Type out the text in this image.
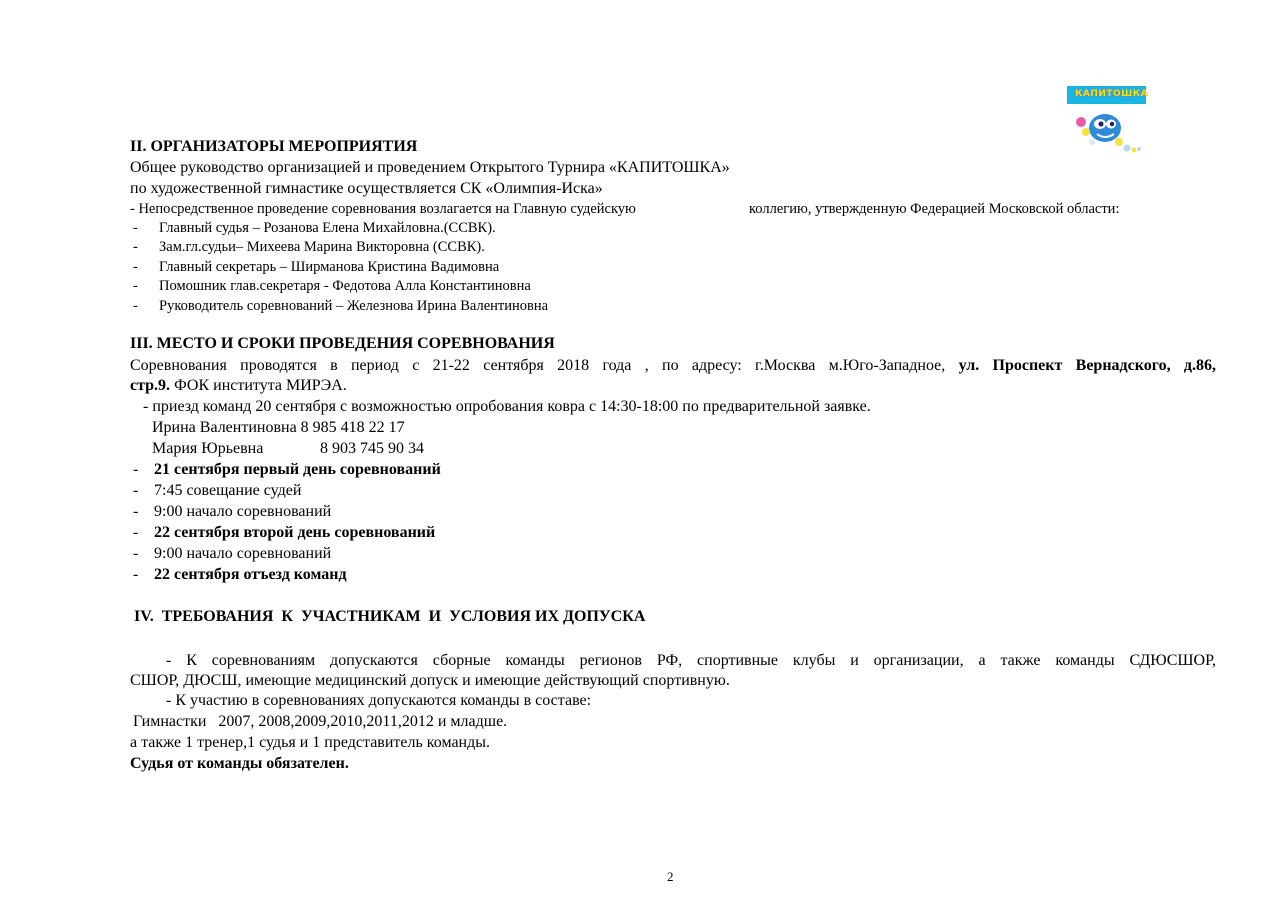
КАПИТОШКА
II. ОРГАНИЗАТОРЫ МЕРОПРИЯТИЯ
Общее руководство организацией и проведением Открытого Турнира «КАПИТОШКА»
по художественной гимнастике осуществляется СК «Олимпия-Иска»
- Непосредственное проведение соревнования возлагается на Главную судейскую	коллегию, утвержденную Федерацией Московской области:
- Главный судья – Розанова Елена Михайловна.(ССВК).
- Зам.гл.судьи– Михеева Марина Викторовна (ССВК).
- Главный секретарь – Ширманова Кристина Вадимовна
- Помошник глав.секретаря - Федотова Алла Константиновна
- Руководитель соревнований – Железнова Ирина Валентиновна
III. МЕСТО И СРОКИ ПРОВЕДЕНИЯ СОРЕВНОВАНИЯ
Соревнования проводятся в период с 21-22 сентября 2018 года , по адресу: г.Москва м.Юго-Западное, ул. Проспект Вернадского, д.86,
стр.9. ФОК института МИРЭА.
- приезд команд 20 сентября с возможностью опробования ковра с 14:30-18:00 по предварительной заявке.
Ирина Валентиновна 8 985 418 22 17
Мария Юрьевна	8 903 745 90 34
- 21 сентября первый день соревнований
- 7:45 совещание судей
- 9:00 начало соревнований
- 22 сентября второй день соревнований
- 9:00 начало соревнований
- 22 сентября отъезд команд
IV.  ТРЕБОВАНИЯ  К  УЧАСТНИКАМ  И  УСЛОВИЯ ИХ ДОПУСКА
- К соревнованиям допускаются сборные команды регионов РФ, спортивные клубы и организации, а также команды СДЮСШОР,
СШОР, ДЮСШ, имеющие медицинский допуск и имеющие действующий спортивную.
- К участию в соревнованиях допускаются команды в составе:
Гимнастки   2007, 2008,2009,2010,2011,2012 и младше.
а также 1 тренер,1 судья и 1 представитель команды.
Судья от команды обязателен.
2
